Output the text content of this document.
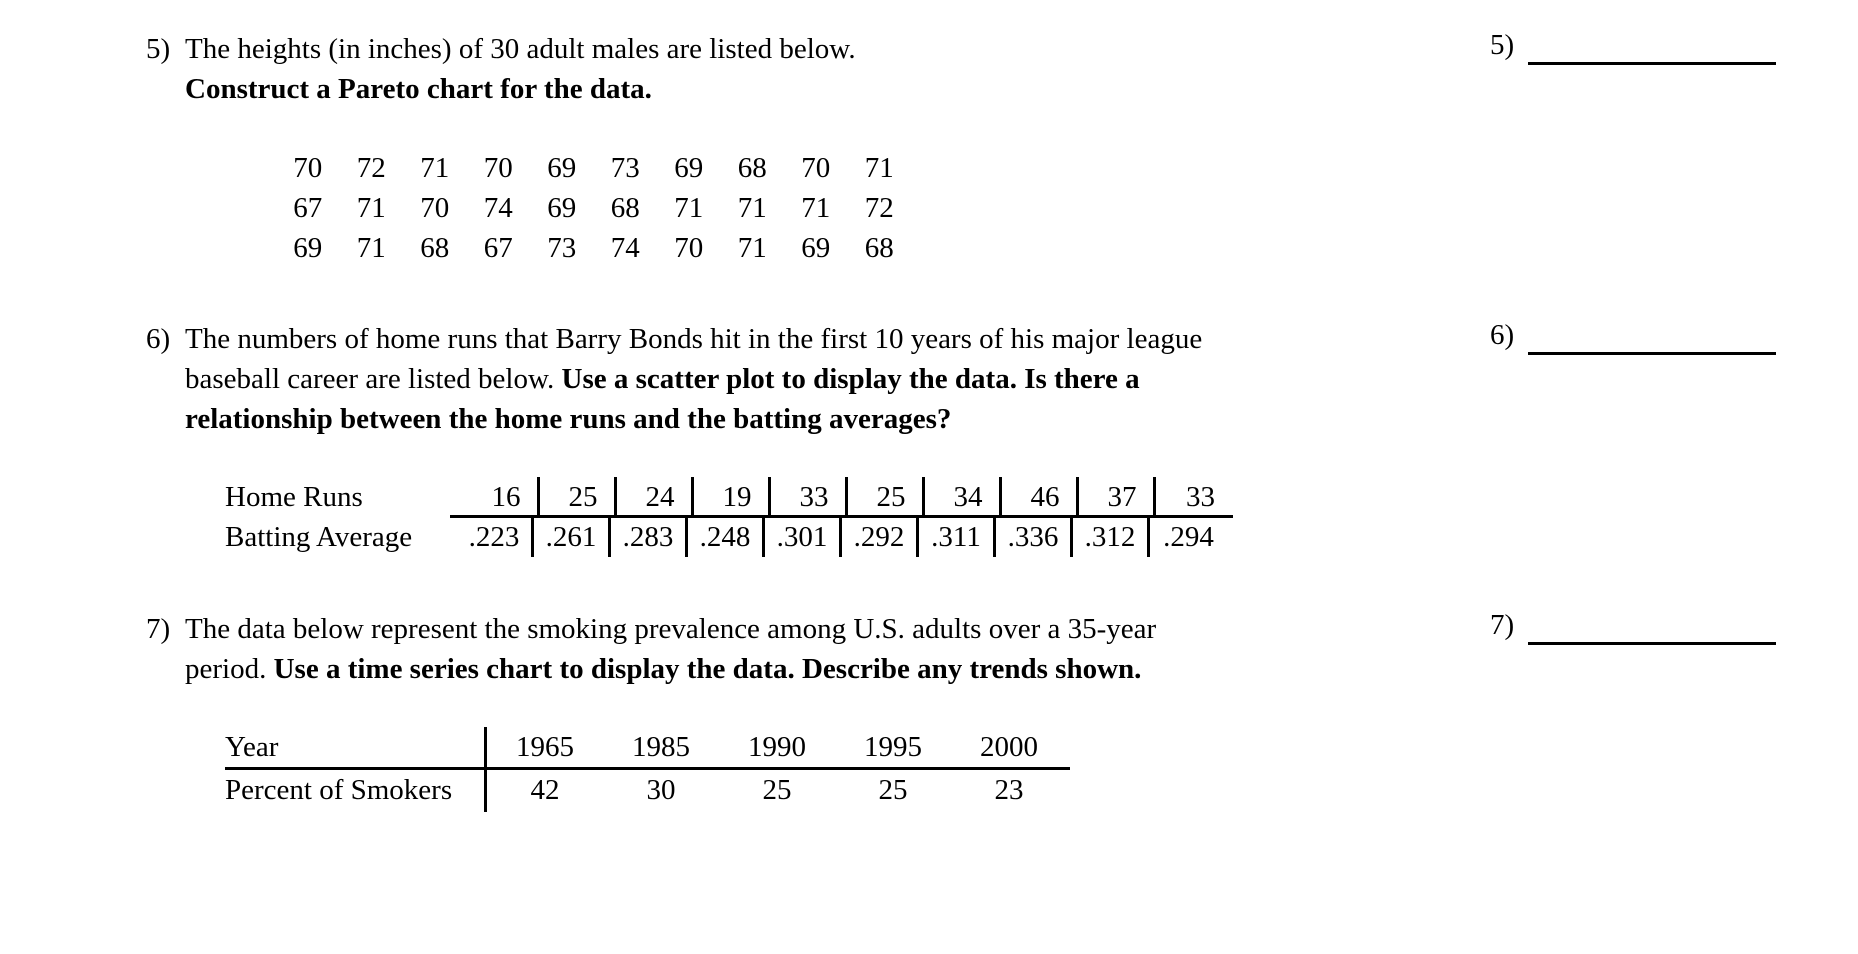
5) The heights (in inches) of 30 adult males are listed below.
Construct a Pareto chart for the data.
5)
70	72	71	70	69	73	69	68	70	71
67	71	70	74	69	68	71	71	71	72
69	71	68	67	73	74	70	71	69	68
6) The numbers of home runs that Barry Bonds hit in the first 10 years of his major league
baseball career are listed below. Use a scatter plot to display the data. Is there a
relationship between the home runs and the batting averages?
6)
Home Runs	16	25	24	19	33	25	34	46	37	33
Batting Average	.223 .261 .283 .248 .301 .292 .311 .336 .312 .294
7) The data below represent the smoking prevalence among U.S. adults over a 35-year
period. Use a time series chart to display the data. Describe any trends shown.
7)
Year	1965	1985	1990	1995	2000
Percent of Smokers	42	30	25	25	23
